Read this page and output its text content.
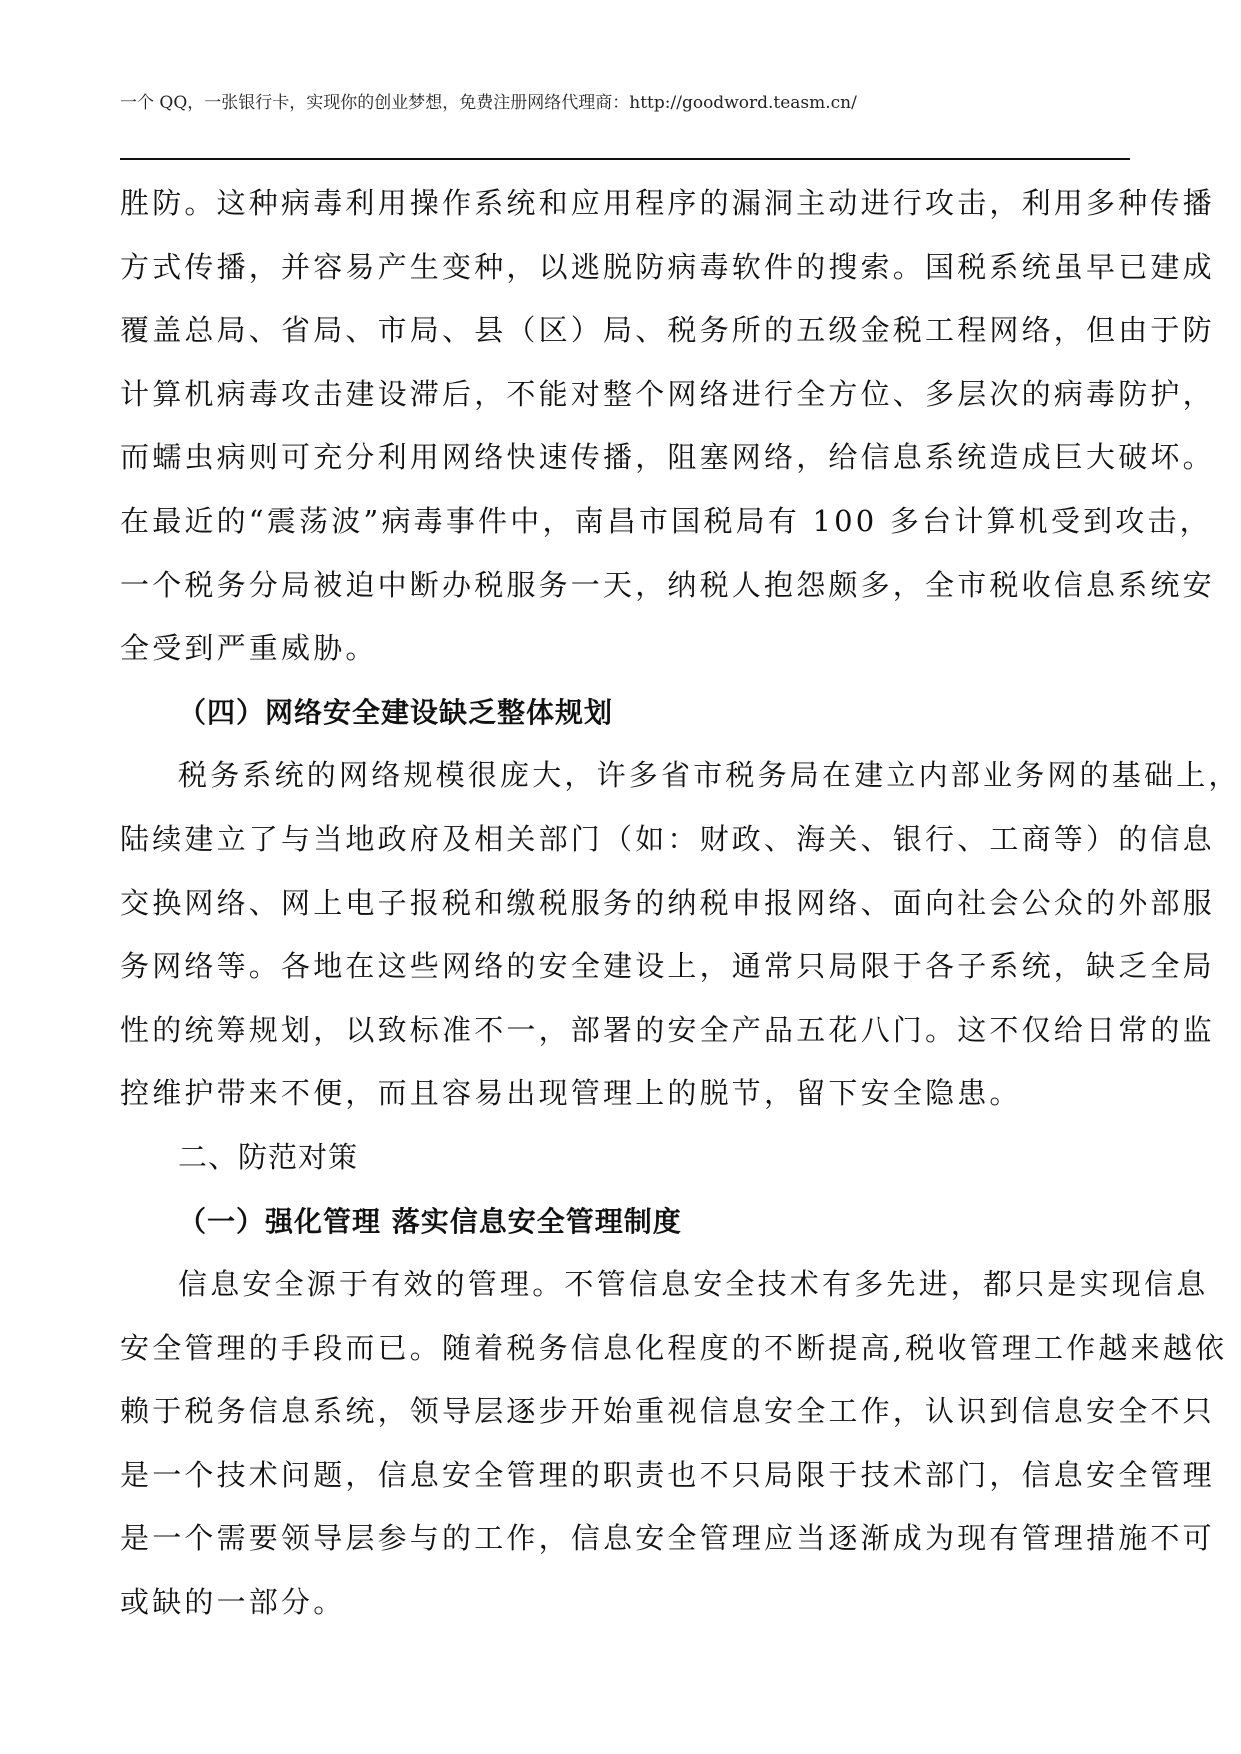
一个 QQ，一张银行卡，实现你的创业梦想，免费注册网络代理商：http://goodword.teasm.cn/
胜防。这种病毒利用操作系统和应用程序的漏洞主动进行攻击，利用多种传播
方式传播，并容易产生变种，以逃脱防病毒软件的搜索。国税系统虽早已建成
覆盖总局、省局、市局、县（区）局、税务所的五级金税工程网络，但由于防
计算机病毒攻击建设滞后，不能对整个网络进行全方位、多层次的病毒防护，
而蠕虫病则可充分利用网络快速传播，阻塞网络，给信息系统造成巨大破坏。
在最近的“震荡波”病毒事件中，南昌市国税局有 100 多台计算机受到攻击，
一个税务分局被迫中断办税服务一天，纳税人抱怨颇多，全市税收信息系统安
全受到严重威胁。
（四）网络安全建设缺乏整体规划
税务系统的网络规模很庞大，许多省市税务局在建立内部业务网的基础上，
陆续建立了与当地政府及相关部门（如：财政、海关、银行、工商等）的信息
交换网络、网上电子报税和缴税服务的纳税申报网络、面向社会公众的外部服
务网络等。各地在这些网络的安全建设上，通常只局限于各子系统，缺乏全局
性的统筹规划，以致标准不一，部署的安全产品五花八门。这不仅给日常的监
控维护带来不便，而且容易出现管理上的脱节，留下安全隐患。
二、防范对策
（一）强化管理 落实信息安全管理制度
信息安全源于有效的管理。不管信息安全技术有多先进，都只是实现信息
安全管理的手段而已。随着税务信息化程度的不断提高,税收管理工作越来越依
赖于税务信息系统，领导层逐步开始重视信息安全工作，认识到信息安全不只
是一个技术问题，信息安全管理的职责也不只局限于技术部门，信息安全管理
是一个需要领导层参与的工作，信息安全管理应当逐渐成为现有管理措施不可
或缺的一部分。
